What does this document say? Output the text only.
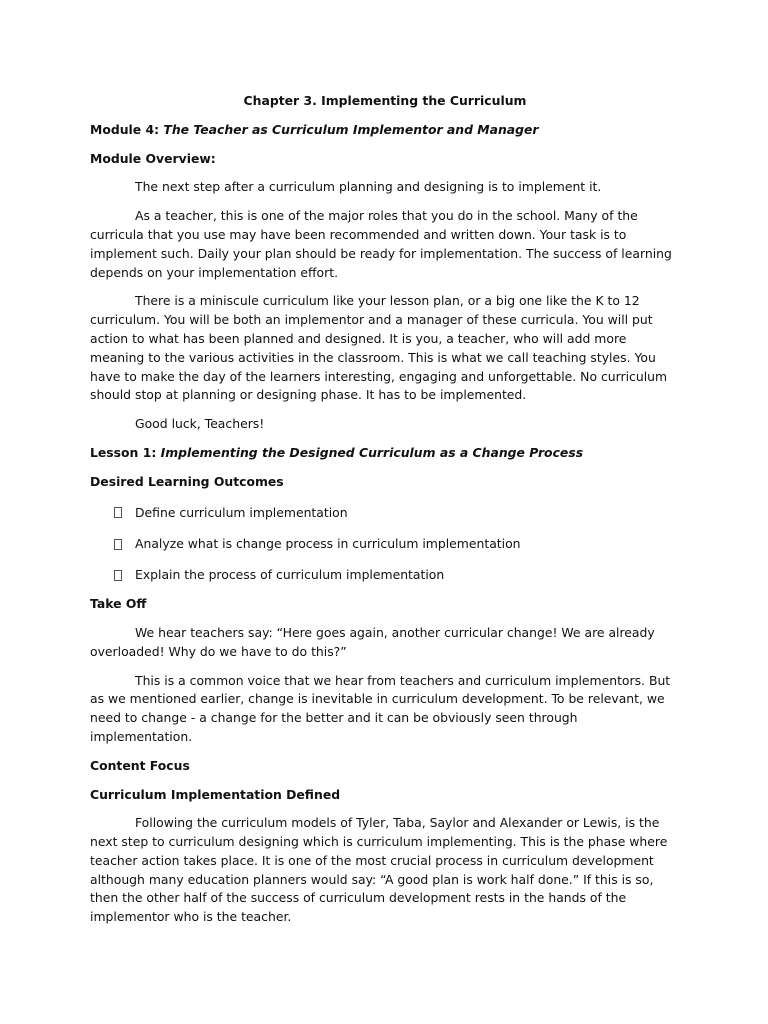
Chapter 3. Implementing the Curriculum

Module 4: The Teacher as Curriculum Implementor and Manager

Module Overview:

The next step after a curriculum planning and designing is to implement it.

As a teacher, this is one of the major roles that you do in the school. Many of the curricula that you use may have been recommended and written down. Your task is to implement such. Daily your plan should be ready for implementation. The success of learning depends on your implementation effort.

There is a miniscule curriculum like your lesson plan, or a big one like the K to 12 curriculum. You will be both an implementor and a manager of these curricula. You will put action to what has been planned and designed. It is you, a teacher, who will add more meaning to the various activities in the classroom. This is what we call teaching styles. You have to make the day of the learners interesting, engaging and unforgettable. No curriculum should stop at planning or designing phase. It has to be implemented.

Good luck, Teachers!

Lesson 1: Implementing the Designed Curriculum as a Change Process

Desired Learning Outcomes

Define curriculum implementation
Analyze what is change process in curriculum implementation
Explain the process of curriculum implementation

Take Off

We hear teachers say: “Here goes again, another curricular change! We are already overloaded! Why do we have to do this?”

This is a common voice that we hear from teachers and curriculum implementors. But as we mentioned earlier, change is inevitable in curriculum development. To be relevant, we need to change - a change for the better and it can be obviously seen through implementation.

Content Focus

Curriculum Implementation Defined

Following the curriculum models of Tyler, Taba, Saylor and Alexander or Lewis, is the next step to curriculum designing which is curriculum implementing. This is the phase where teacher action takes place. It is one of the most crucial process in curriculum development although many education planners would say: “A good plan is work half done.” If this is so, then the other half of the success of curriculum development rests in the hands of the implementor who is the teacher.
